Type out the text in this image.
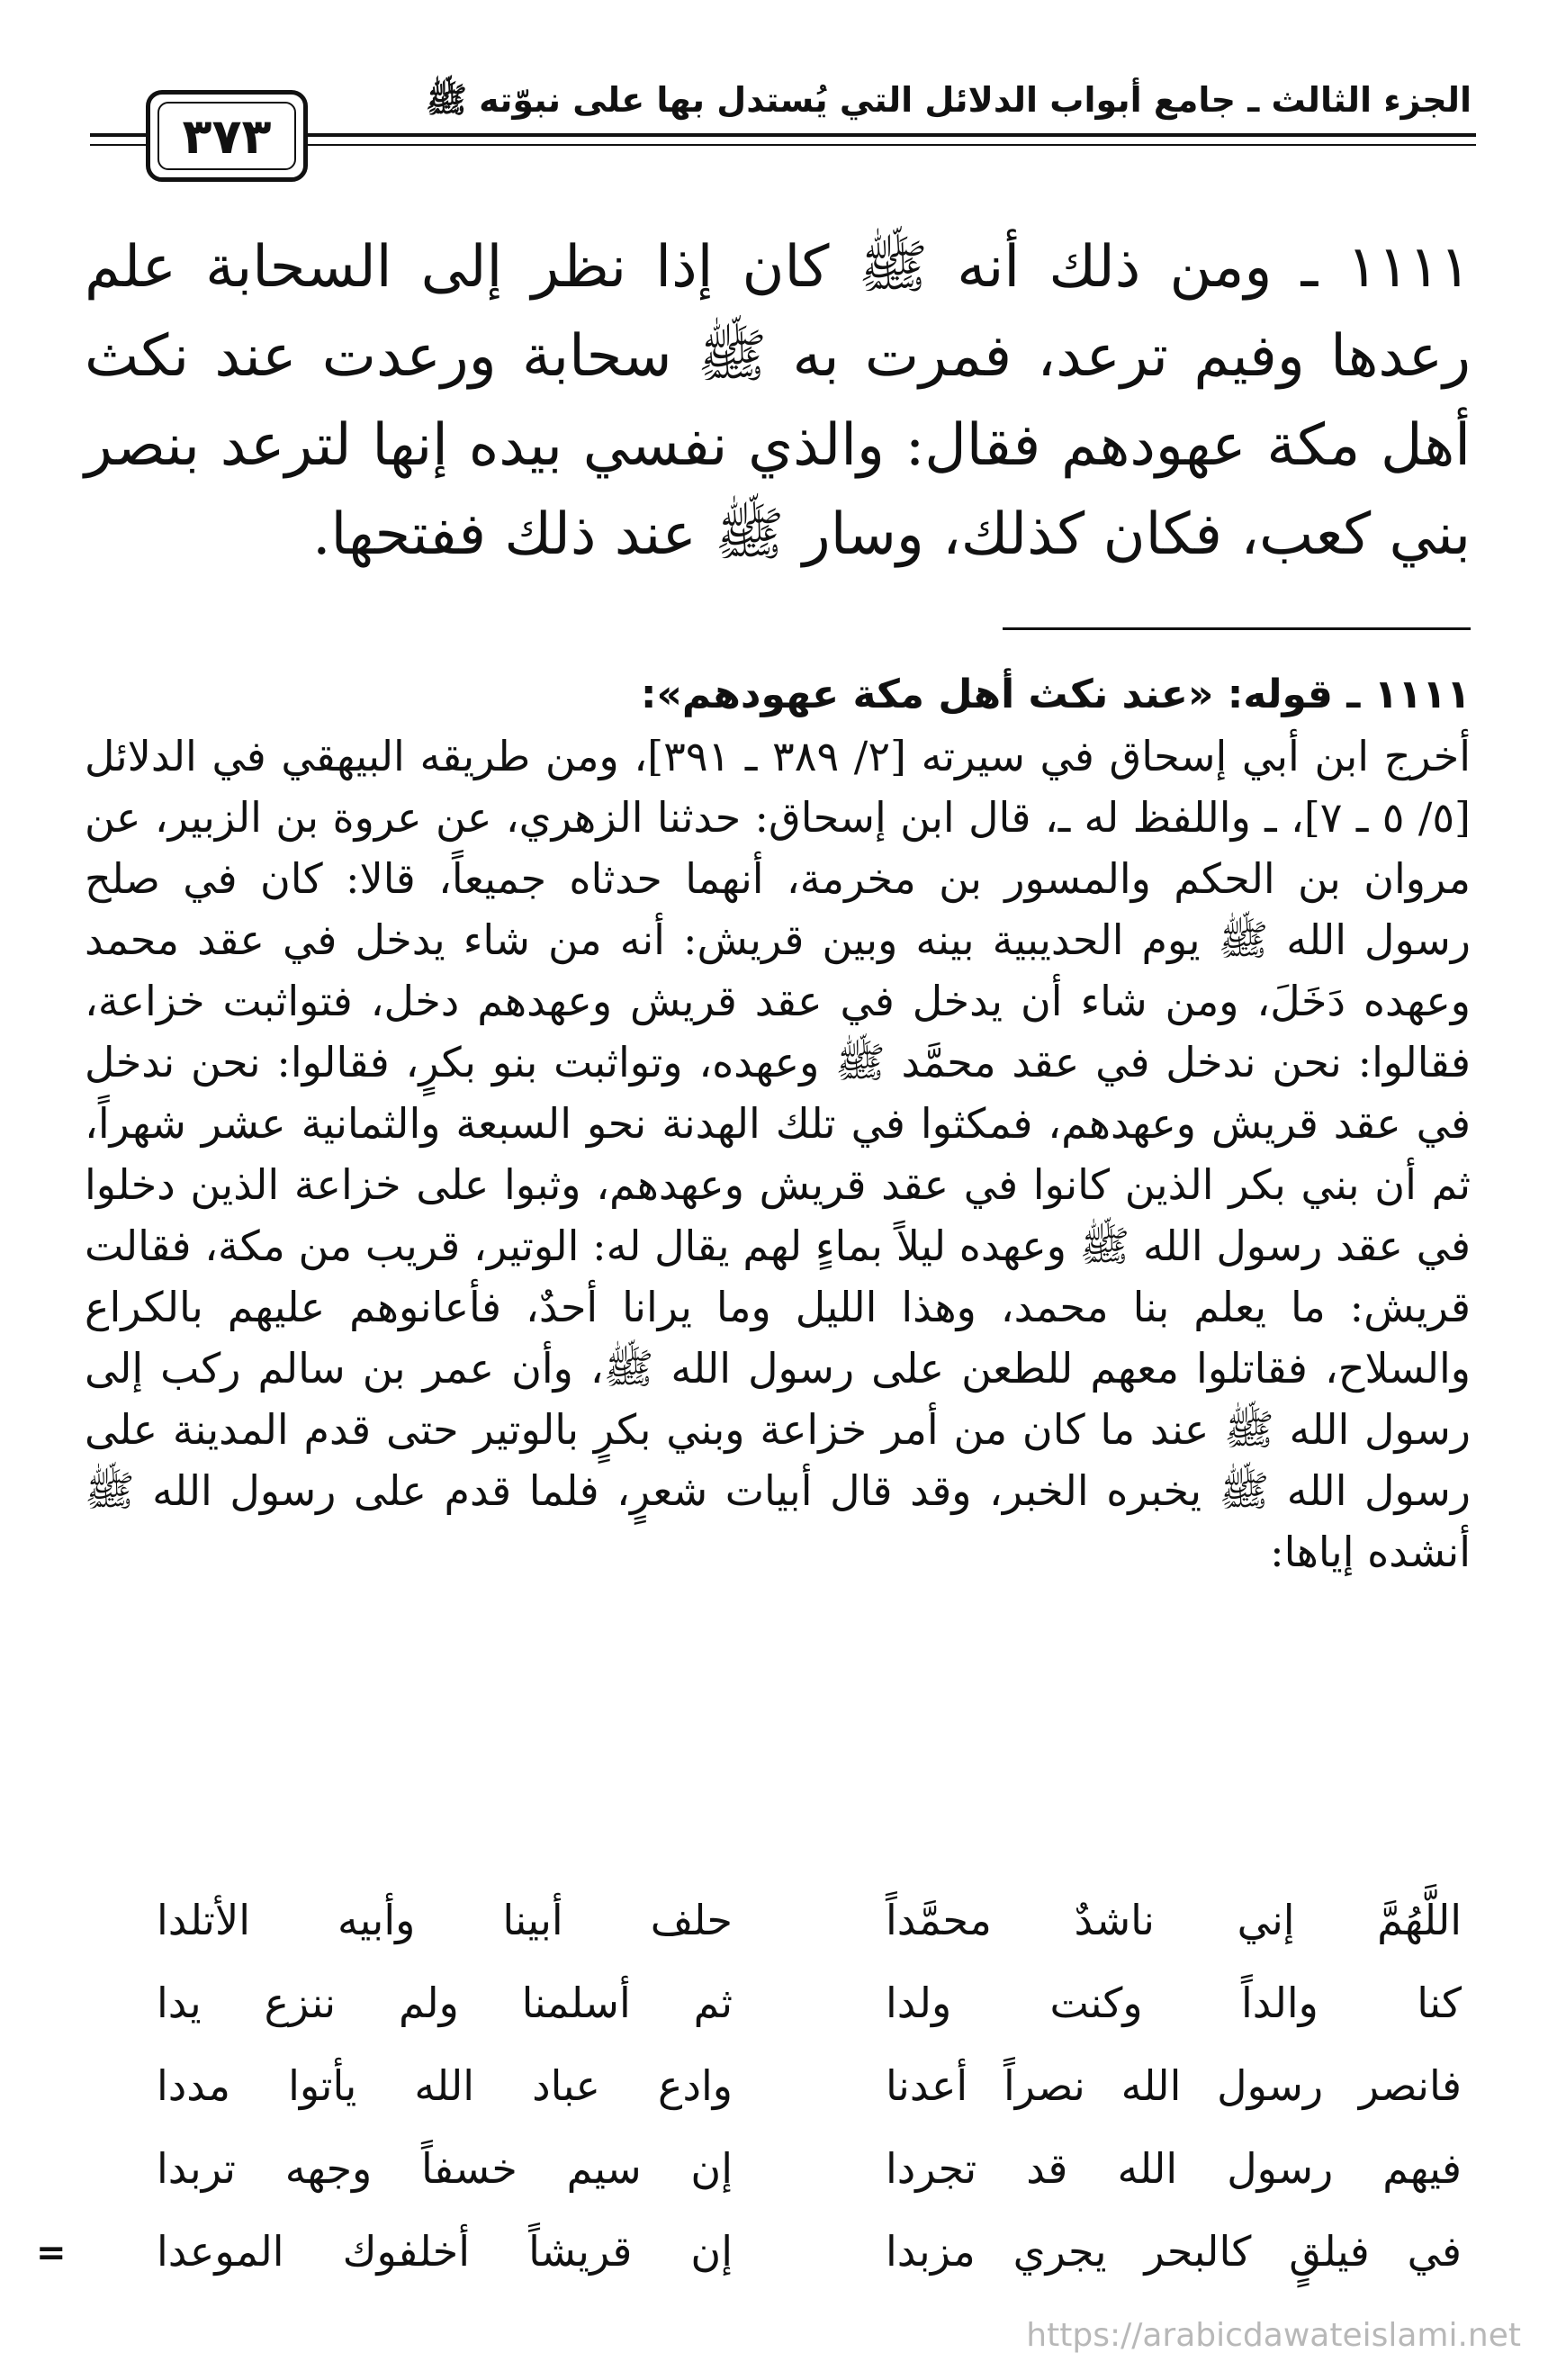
الجزء الثالث ـ جامع أبواب الدلائل التي يُستدل بها على نبوّته ﷺ
٣٧٣
١١١١ ـ ومن ذلك أنه ﷺ كان إذا نظر إلى السحابة علم رعدها وفيم ترعد، فمرت به ﷺ سحابة ورعدت عند نكث أهل مكة عهودهم فقال: والذي نفسي بيده إنها لترعد بنصر بني كعب، فكان كذلك، وسار ﷺ عند ذلك ففتحها.

١١١١ ـ قوله: «عند نكث أهل مكة عهودهم»:

أخرج ابن أبي إسحاق في سيرته [٢/ ٣٨٩ ـ ٣٩١]، ومن طريقه البيهقي في الدلائل [٥/ ٥ ـ ٧]، ـ واللفظ له ـ، قال ابن إسحاق: حدثنا الزهري، عن عروة بن الزبير، عن مروان بن الحكم والمسور بن مخرمة، أنهما حدثاه جميعاً، قالا: كان في صلح رسول الله ﷺ يوم الحديبية بينه وبين قريش: أنه من شاء يدخل في عقد محمد وعهده دَخَلَ، ومن شاء أن يدخل في عقد قريش وعهدهم دخل، فتواثبت خزاعة، فقالوا: نحن ندخل في عقد محمَّد ﷺ وعهده، وتواثبت بنو بكرٍ، فقالوا: نحن ندخل في عقد قريش وعهدهم، فمكثوا في تلك الهدنة نحو السبعة والثمانية عشر شهراً، ثم أن بني بكر الذين كانوا في عقد قريش وعهدهم، وثبوا على خزاعة الذين دخلوا في عقد رسول الله ﷺ وعهده ليلاً بماءٍ لهم يقال له: الوتير، قريب من مكة، فقالت قريش: ما يعلم بنا محمد، وهذا الليل وما يرانا أحدٌ، فأعانوهم عليهم بالكراع والسلاح، فقاتلوا معهم للطعن على رسول الله ﷺ، وأن عمر بن سالم ركب إلى رسول الله ﷺ عند ما كان من أمر خزاعة وبني بكرٍ بالوتير حتى قدم المدينة على رسول الله ﷺ يخبره الخبر، وقد قال أبيات شعرٍ، فلما قدم على رسول الله ﷺ أنشده إياها:

اللَّهُمَّ إني ناشدٌ محمَّداً
حلف أبينا وأبيه الأتلدا
كنا والداً وكنت ولدا
ثم أسلمنا ولم ننزع يدا
فانصر رسول الله نصراً أعدنا
وادع عباد الله يأتوا مددا
فيهم رسول الله قد تجردا
إن سيم خسفاً وجهه تربدا
في فيلقٍ كالبحر يجري مزبدا
إن قريشاً أخلفوك الموعدا
=
https://arabicdawateislami.net
